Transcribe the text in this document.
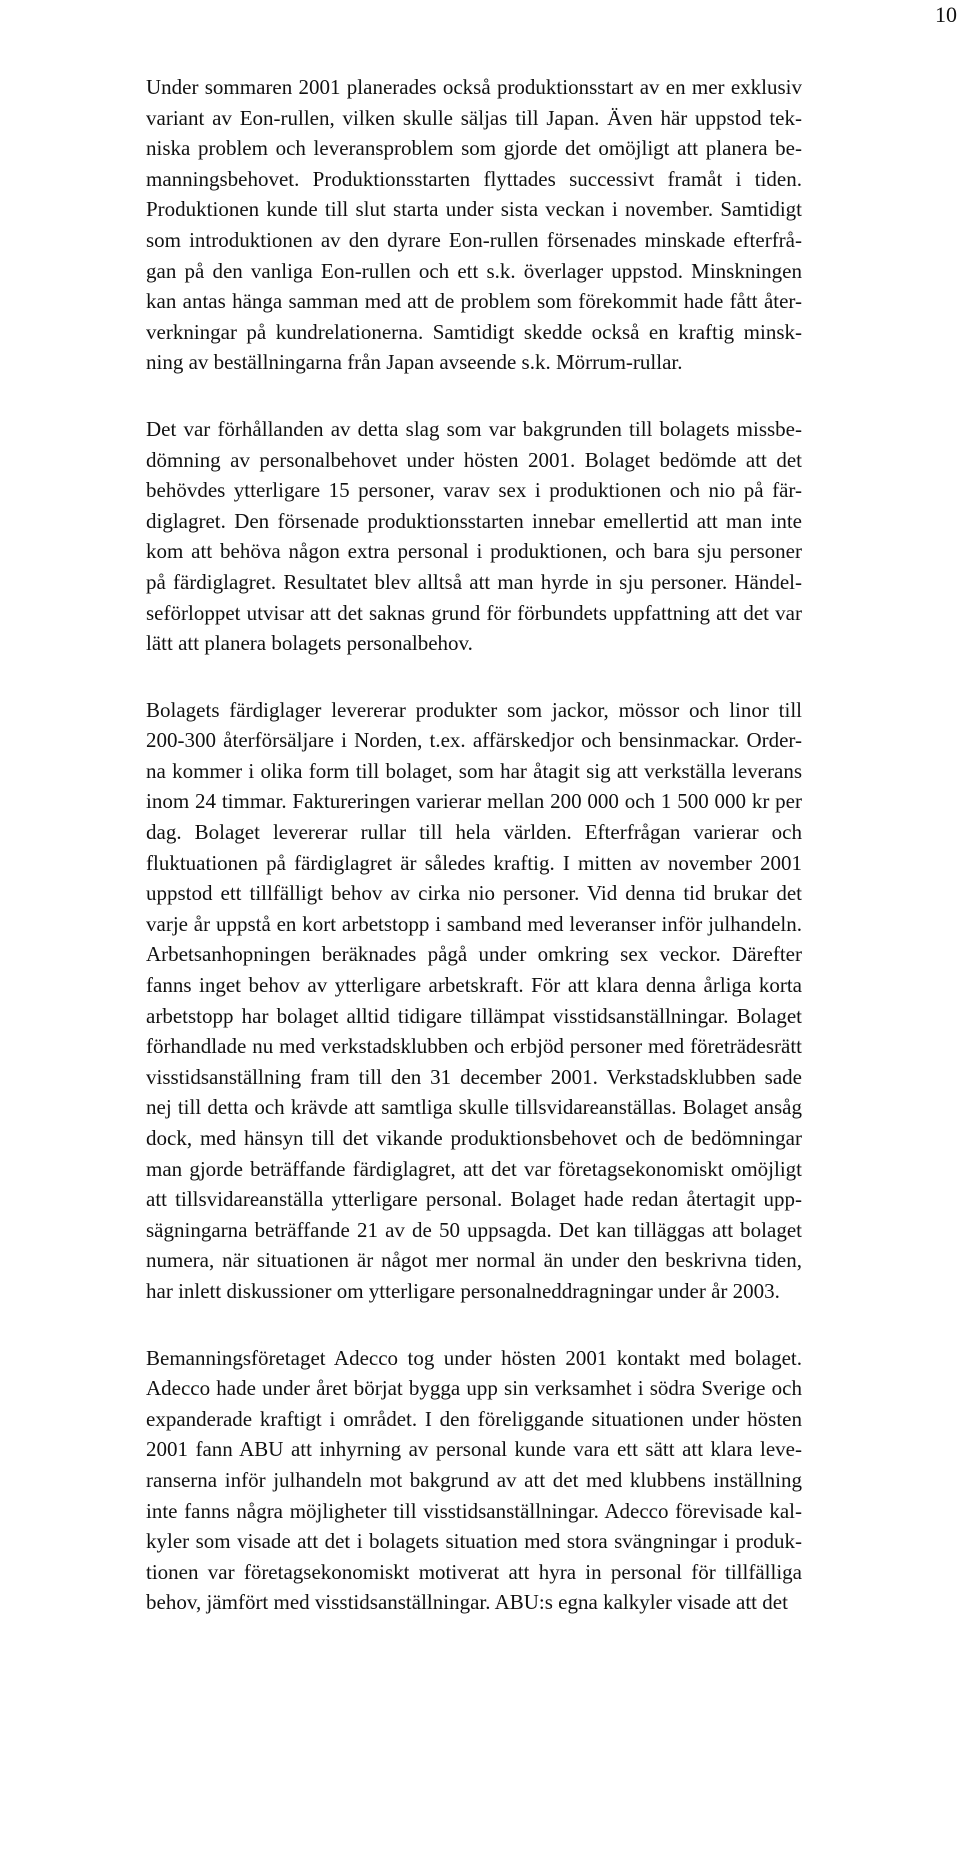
10

Under sommaren 2001 planerades också produktionsstart av en mer exklusiv
variant av Eon-rullen, vilken skulle säljas till Japan. Även här uppstod tek-
niska problem och leveransproblem som gjorde det omöjligt att planera be-
manningsbehovet. Produktionsstarten flyttades successivt framåt i tiden.
Produktionen kunde till slut starta under sista veckan i november. Samtidigt
som introduktionen av den dyrare Eon-rullen försenades minskade efterfrå-
gan på den vanliga Eon-rullen och ett s.k. överlager uppstod. Minskningen
kan antas hänga samman med att de problem som förekommit hade fått åter-
verkningar på kundrelationerna. Samtidigt skedde också en kraftig minsk-
ning av beställningarna från Japan avseende s.k. Mörrum-rullar.

Det var förhållanden av detta slag som var bakgrunden till bolagets missbe-
dömning av personalbehovet under hösten 2001. Bolaget bedömde att det
behövdes ytterligare 15 personer, varav sex i produktionen och nio på fär-
diglagret. Den försenade produktionsstarten innebar emellertid att man inte
kom att behöva någon extra personal i produktionen, och bara sju personer
på färdiglagret. Resultatet blev alltså att man hyrde in sju personer. Händel-
seförloppet utvisar att det saknas grund för förbundets uppfattning att det var
lätt att planera bolagets personalbehov.

Bolagets färdiglager levererar produkter som jackor, mössor och linor till
200-300 återförsäljare i Norden, t.ex. affärskedjor och bensinmackar. Order-
na kommer i olika form till bolaget, som har åtagit sig att verkställa leverans
inom 24 timmar. Faktureringen varierar mellan 200 000 och 1 500 000 kr per
dag. Bolaget levererar rullar till hela världen. Efterfrågan varierar och
fluktuationen på färdiglagret är således kraftig. I mitten av november 2001
uppstod ett tillfälligt behov av cirka nio personer. Vid denna tid brukar det
varje år uppstå en kort arbetstopp i samband med leveranser inför julhandeln.
Arbetsanhopningen beräknades pågå under omkring sex veckor. Därefter
fanns inget behov av ytterligare arbetskraft. För att klara denna årliga korta
arbetstopp har bolaget alltid tidigare tillämpat visstidsanställningar. Bolaget
förhandlade nu med verkstadsklubben och erbjöd personer med företrädesrätt
visstidsanställning fram till den 31 december 2001. Verkstadsklubben sade
nej till detta och krävde att samtliga skulle tillsvidareanställas. Bolaget ansåg
dock, med hänsyn till det vikande produktionsbehovet och de bedömningar
man gjorde beträffande färdiglagret, att det var företagsekonomiskt omöjligt
att tillsvidareanställa ytterligare personal. Bolaget hade redan återtagit upp-
sägningarna beträffande 21 av de 50 uppsagda. Det kan tilläggas att bolaget
numera, när situationen är något mer normal än under den beskrivna tiden,
har inlett diskussioner om ytterligare personalneddragningar under år 2003.

Bemanningsföretaget Adecco tog under hösten 2001 kontakt med bolaget.
Adecco hade under året börjat bygga upp sin verksamhet i södra Sverige och
expanderade kraftigt i området. I den föreliggande situationen under hösten
2001 fann ABU att inhyrning av personal kunde vara ett sätt att klara leve-
ranserna inför julhandeln mot bakgrund av att det med klubbens inställning
inte fanns några möjligheter till visstidsanställningar. Adecco förevisade kal-
kyler som visade att det i bolagets situation med stora svängningar i produk-
tionen var företagsekonomiskt motiverat att hyra in personal för tillfälliga
behov, jämfört med visstidsanställningar. ABU:s egna kalkyler visade att det
